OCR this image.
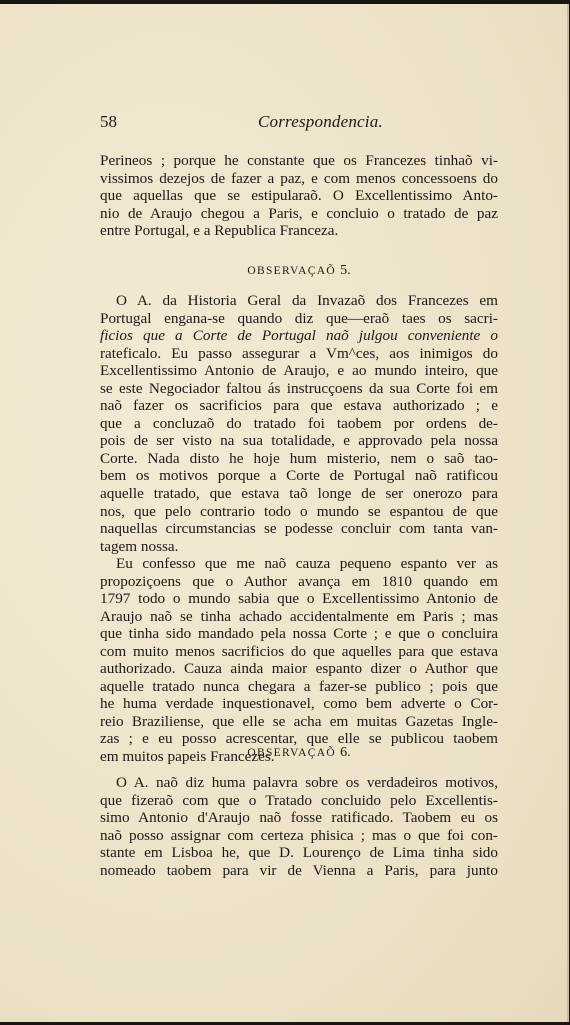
58	Correspondencia.
Perineos ; porque he constante que os Francezes tinhaõ vi-
vissimos dezejos de fazer a paz, e com menos concessoens do
que aquellas que se estipularaõ. O Excellentissimo Anto-
nio de Araujo chegou a Paris, e concluio o tratado de paz
entre Portugal, e a Republica Franceza.
OBSERVAÇAÕ 5.
O A. da Historia Geral da Invazaõ dos Francezes em
Portugal engana-se quando diz que—eraõ taes os sacri-
ficios que a Corte de Portugal naõ julgou conveniente o
rateficalo. Eu passo assegurar a Vm^ces, aos inimigos do
Excellentissimo Antonio de Araujo, e ao mundo inteiro, que
se este Negociador faltou ás instrucçoens da sua Corte foi em
naõ fazer os sacrificios para que estava authorizado ; e
que a concluzaõ do tratado foi taobem por ordens de-
pois de ser visto na sua totalidade, e approvado pela nossa
Corte. Nada disto he hoje hum misterio, nem o saõ tao-
bem os motivos porque a Corte de Portugal naõ ratificou
aquelle tratado, que estava taõ longe de ser onerozo para
nos, que pelo contrario todo o mundo se espantou de que
naquellas circumstancias se podesse concluir com tanta van-
tagem nossa.
Eu confesso que me naõ cauza pequeno espanto ver as
propoziçoens que o Author avança em 1810 quando em
1797 todo o mundo sabia que o Excellentissimo Antonio de
Araujo naõ se tinha achado accidentalmente em Paris ; mas
que tinha sido mandado pela nossa Corte ; e que o concluira
com muito menos sacrificios do que aquelles para que estava
authorizado. Cauza ainda maior espanto dizer o Author que
aquelle tratado nunca chegara a fazer-se publico ; pois que
he huma verdade inquestionavel, como bem adverte o Cor-
reio Braziliense, que elle se acha em muitas Gazetas Ingle-
zas ; e eu posso acrescentar, que elle se publicou taobem
em muitos papeis Francezes.
OBSERVAÇAÕ 6.
O A. naõ diz huma palavra sobre os verdadeiros motivos,
que fizeraõ com que o Tratado concluido pelo Excellentis-
simo Antonio d'Araujo naõ fosse ratificado. Taobem eu os
naõ posso assignar com certeza phisica ; mas o que foi con-
stante em Lisboa he, que D. Lourenço de Lima tinha sido
nomeado taobem para vir de Vienna a Paris, para junto
